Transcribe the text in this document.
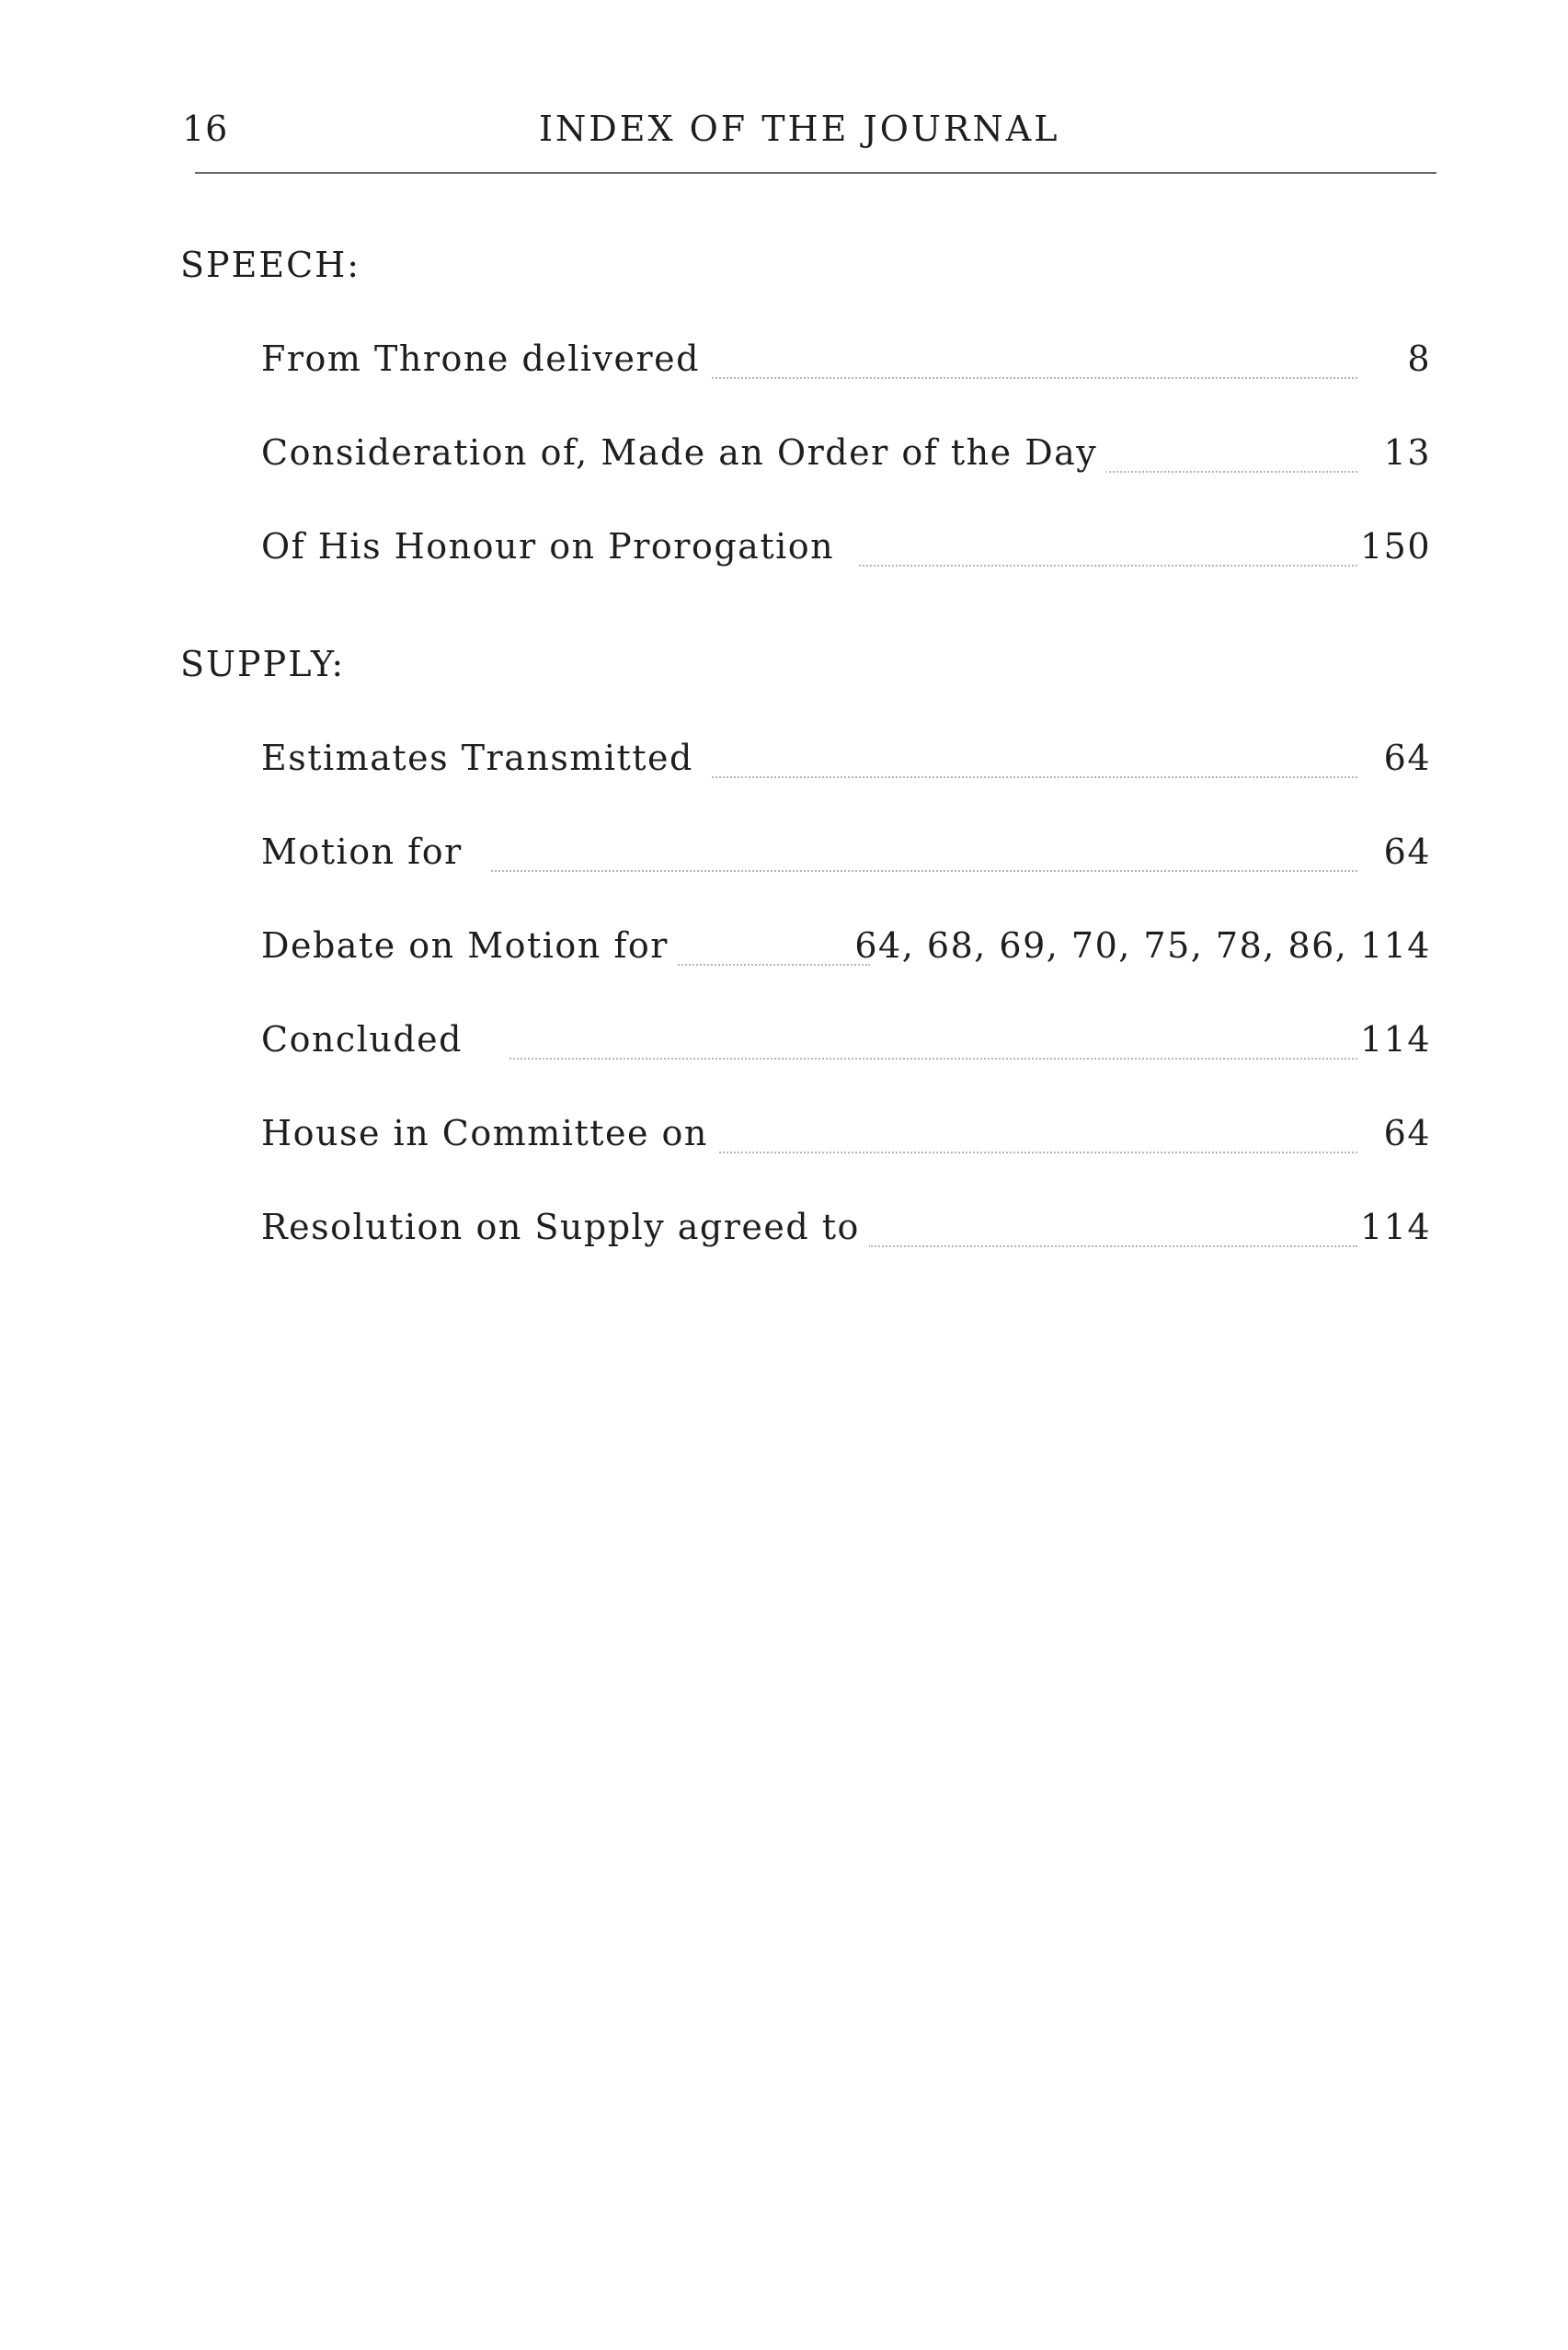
16	INDEX OF THE JOURNAL
SPEECH:
From Throne delivered	8
Consideration of, Made an Order of the Day	13
Of His Honour on Prorogation	150
SUPPLY:
Estimates Transmitted	64
Motion for	64
Debate on Motion for	64, 68, 69, 70, 75, 78, 86, 114
Concluded	114
House in Committee on	64
Resolution on Supply agreed to	114
